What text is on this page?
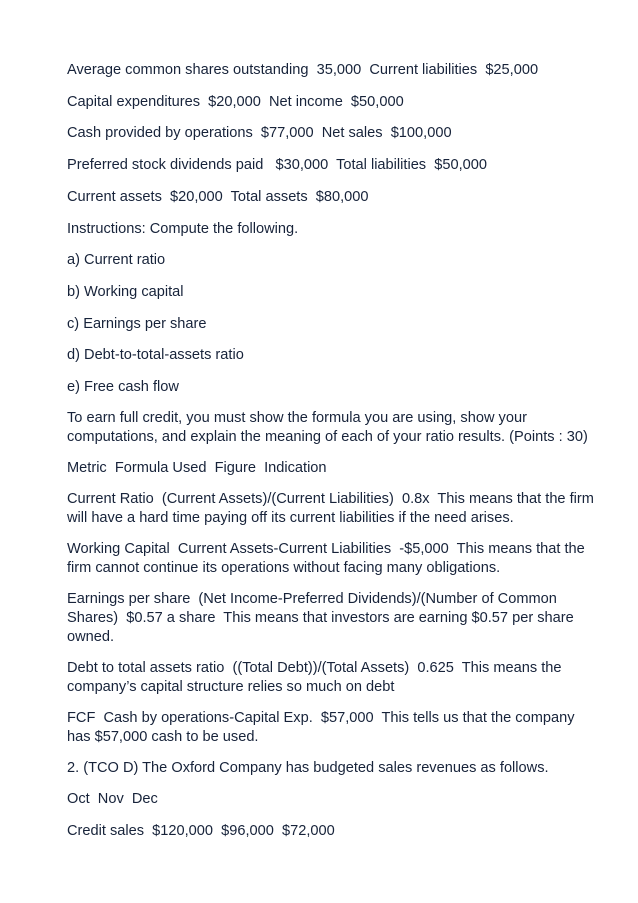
Average common shares outstanding  35,000  Current liabilities  $25,000
Capital expenditures  $20,000  Net income  $50,000
Cash provided by operations  $77,000  Net sales  $100,000
Preferred stock dividends paid   $30,000  Total liabilities  $50,000
Current assets  $20,000  Total assets  $80,000
Instructions: Compute the following.
a) Current ratio
b) Working capital
c) Earnings per share
d) Debt-to-total-assets ratio
e) Free cash flow
To earn full credit, you must show the formula you are using, show your
computations, and explain the meaning of each of your ratio results. (Points : 30)
Metric  Formula Used  Figure  Indication
Current Ratio  (Current Assets)/(Current Liabilities)  0.8x  This means that the firm
will have a hard time paying off its current liabilities if the need arises.
Working Capital  Current Assets-Current Liabilities  -$5,000  This means that the
firm cannot continue its operations without facing many obligations.
Earnings per share  (Net Income-Preferred Dividends)/(Number of Common
Shares)  $0.57 a share  This means that investors are earning $0.57 per share
owned.
Debt to total assets ratio  ((Total Debt))/(Total Assets)  0.625  This means the
company’s capital structure relies so much on debt
FCF  Cash by operations-Capital Exp.  $57,000  This tells us that the company
has $57,000 cash to be used.
2. (TCO D) The Oxford Company has budgeted sales revenues as follows.
Oct  Nov  Dec
Credit sales  $120,000  $96,000  $72,000
